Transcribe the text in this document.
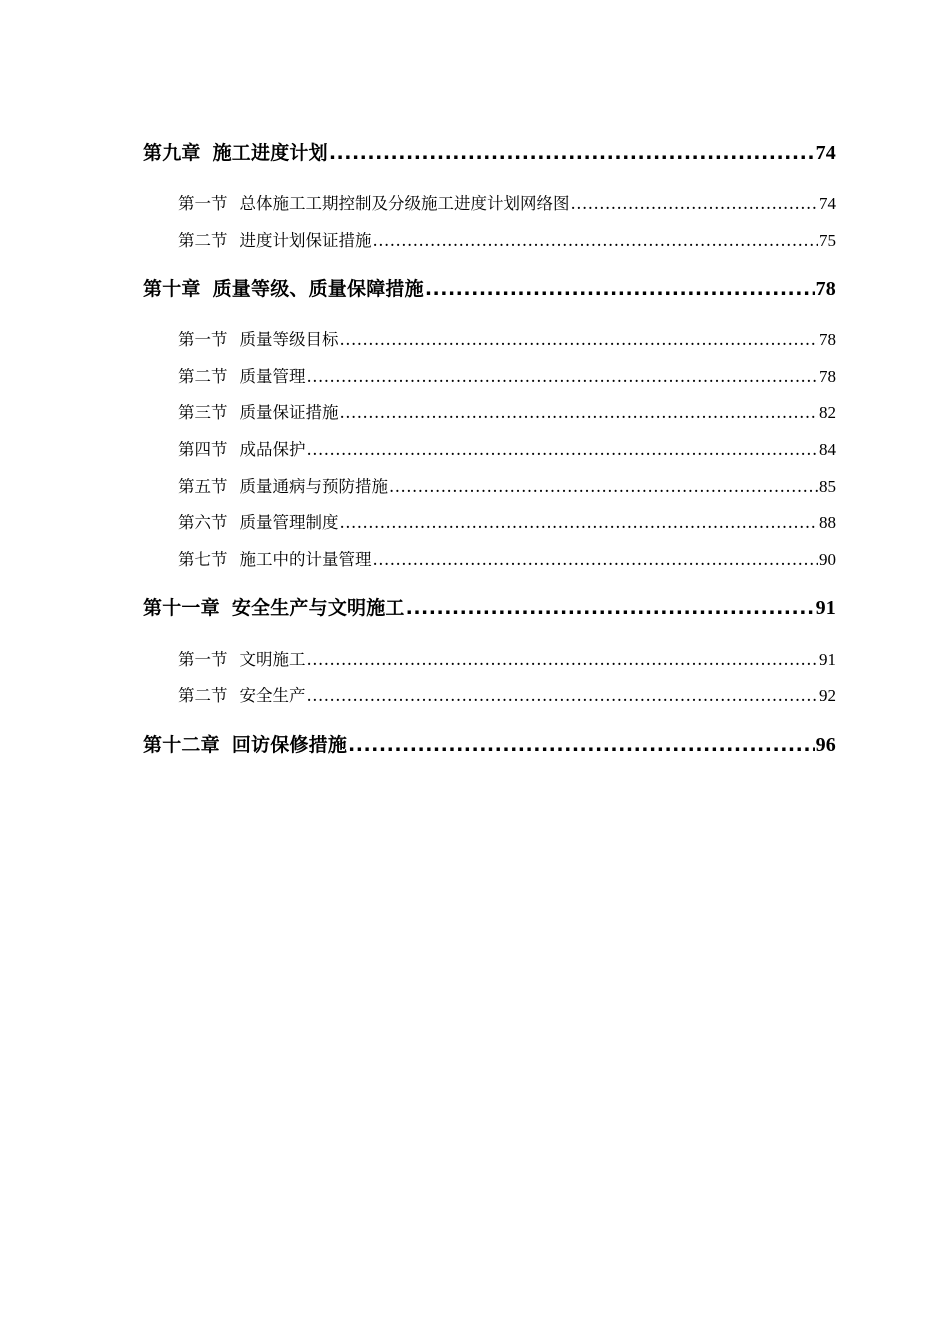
第九章 施工进度计划 .....	74
第一节 总体施工工期控制及分级施工进度计划网络图 .....	74
第二节 进度计划保证措施 .....	75
第十章 质量等级、质量保障措施 .....	78
第一节 质量等级目标 .....	78
第二节 质量管理 .....	78
第三节 质量保证措施 .....	82
第四节 成品保护 .....	84
第五节 质量通病与预防措施 .....	85
第六节 质量管理制度 .....	88
第七节 施工中的计量管理 .....	90
第十一章 安全生产与文明施工 .....	91
第一节 文明施工 .....	91
第二节 安全生产 .....	92
第十二章 回访保修措施 .....	96
